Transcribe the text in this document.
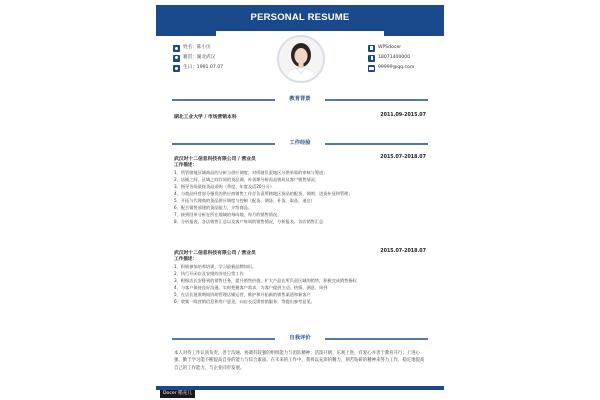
PERSONAL RESUME
姓名：陈小历
籍贯：湖北武汉
生日：1991.07.07
WPSdocer
18071400000
99999@qq.com
教育背景
湖北工业大学 / 市场营销本科	2011.09-2015.07
工作经验
武汉时十二信息科技有限公司 / 营业员	2015.07-2018.07
工作描述：
1、所管辖地区域商品的分析与供应调度；对所辖负责地区分供单需的审核与筹进；
2、店铺之间、区域之间存间的货品调、补货期分析再品销局及客户销售情况；
3、指导各场最终货品采购（季度、年度及适20分分）
4、与商品经营部分指发的供应商销售工作存负责所辖地区货品的配货、调剂、进货补货和管理；
5、开拓与代理商的货品供应调度与控制（配货、调货、补货、取品、退仓）
6、配合销售部建的货品能力，介绍商品。
7、接到回单分析在所在地域的每向地、每月的销售情况。
8、分析报表，各店销售汇总以及客户每周的销售情况，分析报表，各店销售汇总
武汉时十二信息科技有限公司 / 营业员	2015.07-2018.07
工作描述：
1、积极参加培养培训，学习最新品牌知识。
2、执行开闭店及安排的各处日常工作
3、根据店长安排到的销售任务，提升销售价值，扩大产品在所负责区域的销售，积极完成销售指标
4、与客户保持良好沟通，实时把握客户需求，为客户提供主动、热情、满意、周到
5、在店长批准期间协助管理店铺运营，维护和开拓新的销售渠道和新客户
6、收集一线营销信息和用户意见，向店长反馈营销服务、等提出参考意见。
自我评价
本人对待工作认真负责，善于沟通、协调有较强的组织能力与团队精神；活泼开朗、乐观上进、有爱心并善于教育开行；上进心强、勤于学习能不断提高自身的能力与综合素质。在未来的工作中，我将以充沛的精力，刻苦钻研的精神来努力工作，稳定地提高自己的工作能力，与企业同步发展。
Docer 稻壳儿
